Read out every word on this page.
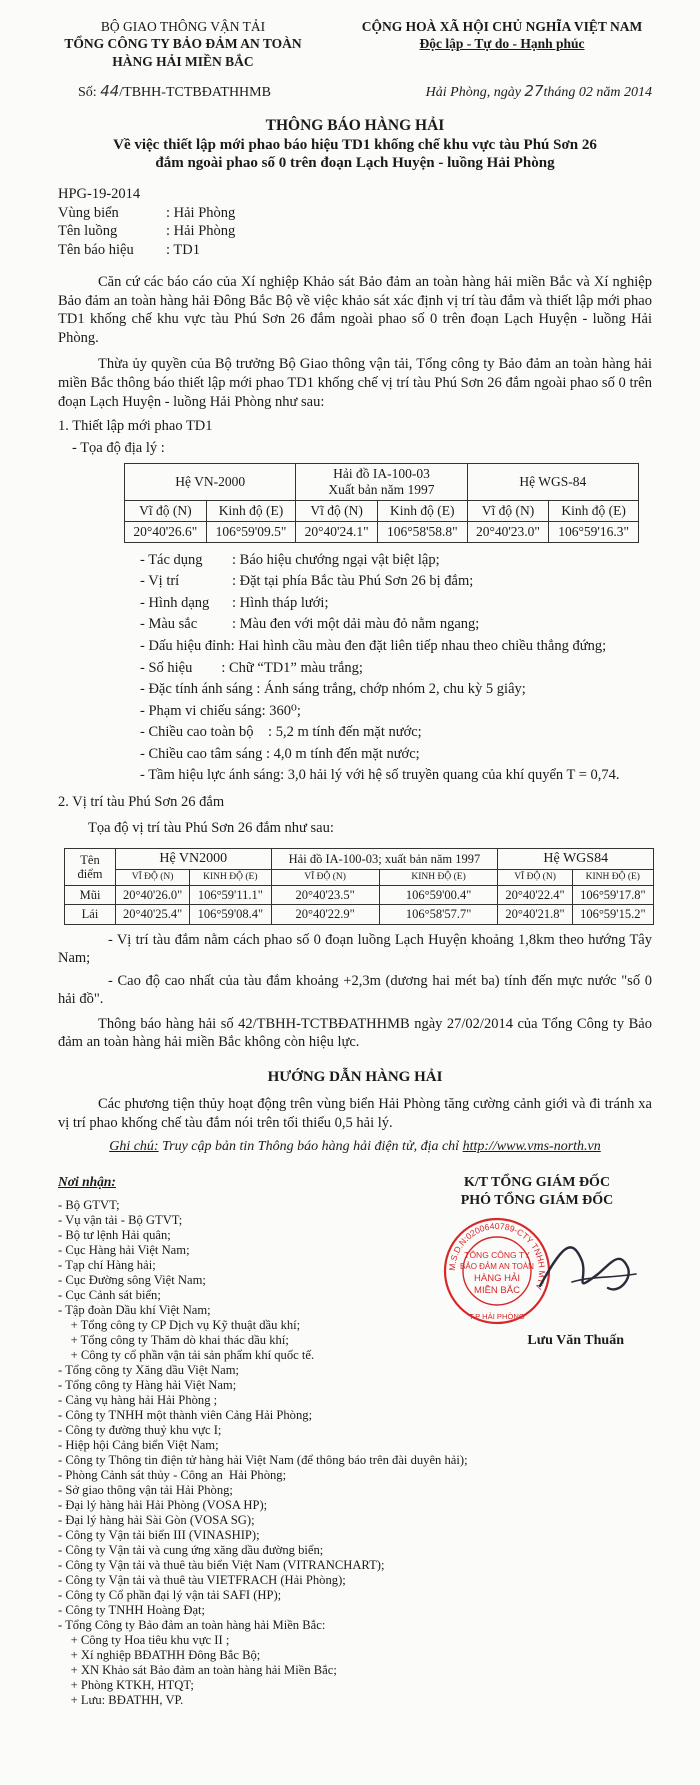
BỘ GIAO THÔNG VẬN TẢI
TỔNG CÔNG TY BẢO ĐẢM AN TOÀN
HÀNG HẢI MIỀN BẮC
CỘNG HOÀ XÃ HỘI CHỦ NGHĨA VIỆT NAM
Độc lập - Tự do - Hạnh phúc
Số: 44/TBHH-TCTBĐATHHMB	Hải Phòng, ngày 27tháng 02 năm 2014
THÔNG BÁO HÀNG HẢI
Về việc thiết lập mới phao báo hiệu TD1 khống chế khu vực tàu Phú Sơn 26
đắm ngoài phao số 0 trên đoạn Lạch Huyện - luồng Hải Phòng
HPG-19-2014
Vùng biển	: Hải Phòng
Tên luồng	: Hải Phòng
Tên báo hiệu	: TD1

Căn cứ các báo cáo của Xí nghiệp Khảo sát Bảo đảm an toàn hàng hải miền Bắc và Xí nghiệp Bảo đảm an toàn hàng hải Đông Bắc Bộ về việc khảo sát xác định vị trí tàu đắm và thiết lập mới phao TD1 khống chế khu vực tàu Phú Sơn 26 đắm ngoài phao số 0 trên đoạn Lạch Huyện - luồng Hải Phòng.

Thừa ủy quyền của Bộ trưởng Bộ Giao thông vận tải, Tổng công ty Bảo đảm an toàn hàng hải miền Bắc thông báo thiết lập mới phao TD1 khống chế vị trí tàu Phú Sơn 26 đắm ngoài phao số 0 trên đoạn Lạch Huyện - luồng Hải Phòng như sau:

1. Thiết lập mới phao TD1
- Tọa độ địa lý :
Hệ VN-2000		Hải đồ IA-100-03
Xuất bản năm 1997		Hệ WGS-84	
Vĩ độ (N)	Kinh độ (E)	Vĩ độ (N)	Kinh độ (E)	Vĩ độ (N)	Kinh độ (E)
20°40'26.6"	106°59'09.5"	20°40'24.1"	106°58'58.8"	20°40'23.0"	106°59'16.3"
- Tác dụng	: Báo hiệu chướng ngại vật biệt lập;
- Vị trí	: Đặt tại phía Bắc tàu Phú Sơn 26 bị đắm;
- Hình dạng	: Hình tháp lưới;
- Màu sắc	: Màu đen với một dải màu đỏ nằm ngang;
- Dấu hiệu đỉnh: Hai hình cầu màu đen đặt liên tiếp nhau theo chiều thẳng đứng;
- Số hiệu        : Chữ “TD1” màu trắng;
- Đặc tính ánh sáng : Ánh sáng trắng, chớp nhóm 2, chu kỳ 5 giây;
- Phạm vi chiếu sáng: 360⁰;
- Chiều cao toàn bộ    : 5,2 m tính đến mặt nước;
- Chiều cao tâm sáng : 4,0 m tính đến mặt nước;
- Tầm hiệu lực ánh sáng: 3,0 hải lý với hệ số truyền quang của khí quyển T = 0,74.
2. Vị trí tàu Phú Sơn 26 đắm
Tọa độ vị trí tàu Phú Sơn 26 đắm như sau:
Tên điểm	Hệ VN2000		Hải đồ IA-100-03; xuất bản năm 1997		Hệ WGS84	
	VĨ ĐỘ (N)	KINH ĐỘ (E)	VĨ ĐỘ (N)	KINH ĐỘ (E)	VĨ ĐỘ (N)	KINH ĐỘ (E)
Mũi	20°40'26.0"	106°59'11.1"	20°40'23.5"	106°59'00.4"	20°40'22.4"	106°59'17.8"
Lái	20°40'25.4"	106°59'08.4"	20°40'22.9"	106°58'57.7"	20°40'21.8"	106°59'15.2"

- Vị trí tàu đắm nằm cách phao số 0 đoạn luồng Lạch Huyện khoảng 1,8km theo hướng Tây Nam;

- Cao độ cao nhất của tàu đắm khoảng +2,3m (dương hai mét ba) tính đến mực nước "số 0 hải đồ".

Thông báo hàng hải số 42/TBHH-TCTBĐATHHMB ngày 27/02/2014 của Tổng Công ty Bảo đảm an toàn hàng hải miền Bắc không còn hiệu lực.

HƯỚNG DẪN HÀNG HẢI

Các phương tiện thủy hoạt động trên vùng biển Hải Phòng tăng cường cảnh giới và đi tránh xa vị trí phao khống chế tàu đắm nói trên tối thiểu 0,5 hải lý.

Ghi chú: Truy cập bản tin Thông báo hàng hải điện tử, địa chỉ http://www.vms-north.vn
Nơi nhận:
- Bộ GTVT;
- Vụ vận tải - Bộ GTVT;
- Bộ tư lệnh Hải quân;
- Cục Hàng hải Việt Nam;
- Tạp chí Hàng hải;
- Cục Đường sông Việt Nam;
- Cục Cảnh sát biển;
- Tập đoàn Dầu khí Việt Nam;
+ Tổng công ty CP Dịch vụ Kỹ thuật dầu khí;
+ Tổng công ty Thăm dò khai thác dầu khí;
+ Công ty cổ phần vận tải sản phẩm khí quốc tế.
- Tổng công ty Xăng dầu Việt Nam;
- Tổng công ty Hàng hải Việt Nam;
- Cảng vụ hàng hải Hải Phòng ;
- Công ty TNHH một thành viên Cảng Hải Phòng;
- Công ty đường thuỷ khu vực I;
- Hiệp hội Cảng biển Việt Nam;
- Công ty Thông tin điện tử hàng hải Việt Nam (để thông báo trên đài duyên hải);
- Phòng Cảnh sát thủy - Công an  Hải Phòng;
- Sở giao thông vận tải Hải Phòng;
- Đại lý hàng hải Hải Phòng (VOSA HP);
- Đại lý hàng hải Sài Gòn (VOSA SG);
- Công ty Vận tải biển III (VINASHIP);
- Công ty Vận tải và cung ứng xăng dầu đường biển;
- Công ty Vận tải và thuê tàu biển Việt Nam (VITRANCHART);
- Công ty Vận tải và thuê tàu VIETFRACH (Hải Phòng);
- Công ty Cổ phần đại lý vận tải SAFI (HP);
- Công ty TNHH Hoàng Đạt;
- Tổng Công ty Bảo đảm an toàn hàng hải Miền Bắc:
+ Công ty Hoa tiêu khu vực II ;
+ Xí nghiệp BĐATHH Đông Bắc Bộ;
+ XN Khảo sát Bảo đảm an toàn hàng hải Miền Bắc;
+ Phòng KTKH, HTQT;
+ Lưu: BĐATHH, VP.
K/T TỔNG GIÁM ĐỐC
PHÓ TỔNG GIÁM ĐỐC
M.S.D.N:0200640789-CTY TNHH MTV
TỔNG CÔNG TY
BẢO ĐẢM AN TOÀN
HÀNG HẢI
MIỀN BẮC
T.P HẢI PHÒNG
Lưu Văn Thuấn
